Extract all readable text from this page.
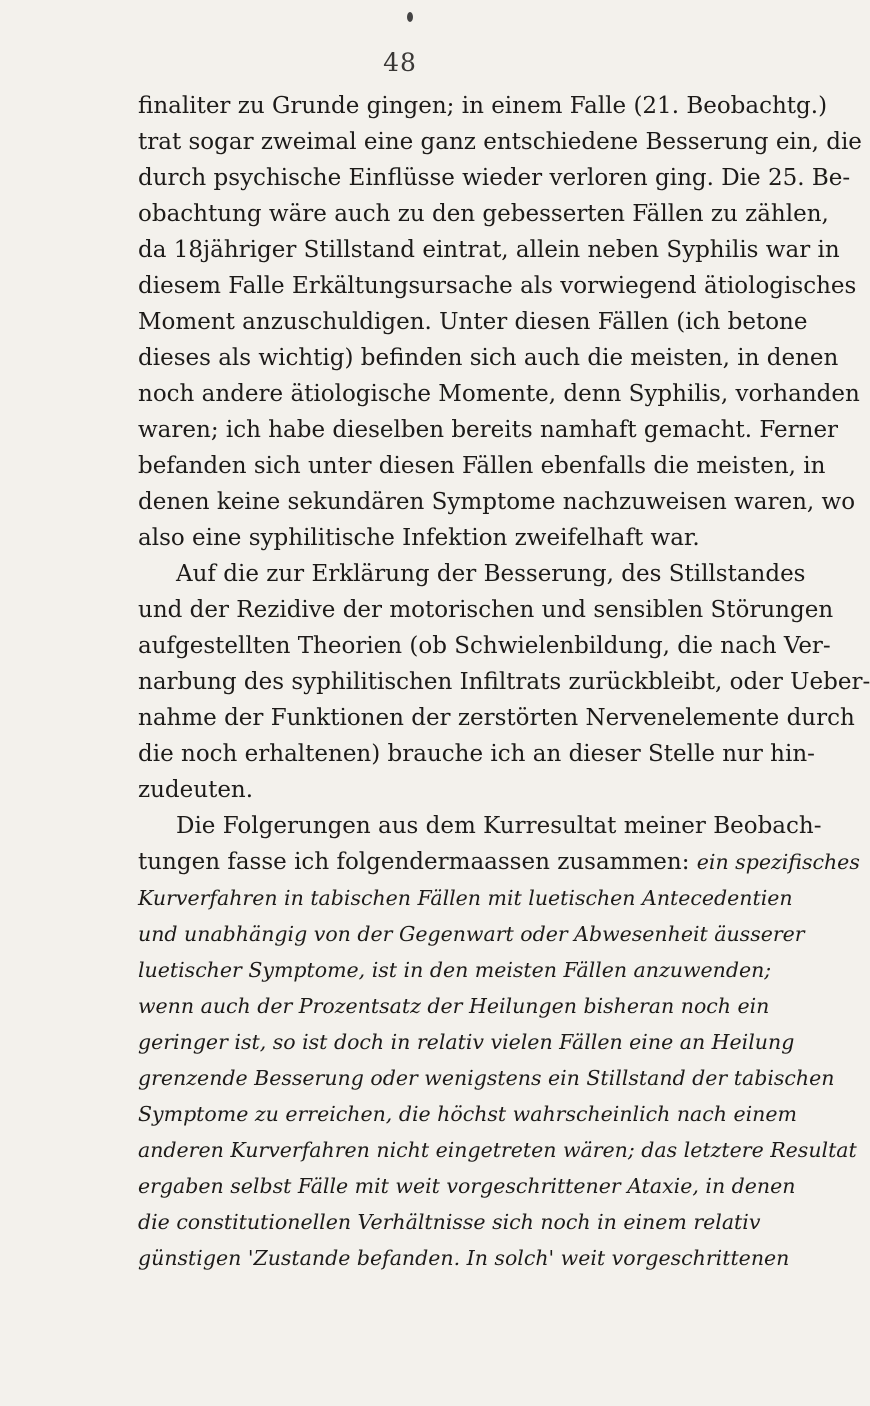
48
finaliter zu Grunde gingen; in einem Falle (21. Beobachtg.)
trat sogar zweimal eine ganz entschiedene Besserung ein, die
durch psychische Einflüsse wieder verloren ging. Die 25. Be-
obachtung wäre auch zu den gebesserten Fällen zu zählen,
da 18jähriger Stillstand eintrat, allein neben Syphilis war in
diesem Falle Erkältungsursache als vorwiegend ätiologisches
Moment anzuschuldigen. Unter diesen Fällen (ich betone
dieses als wichtig) befinden sich auch die meisten, in denen
noch andere ätiologische Momente, denn Syphilis, vorhanden
waren; ich habe dieselben bereits namhaft gemacht. Ferner
befanden sich unter diesen Fällen ebenfalls die meisten, in
denen keine sekundären Symptome nachzuweisen waren, wo
also eine syphilitische Infektion zweifelhaft war.
Auf die zur Erklärung der Besserung, des Stillstandes
und der Rezidive der motorischen und sensiblen Störungen
aufgestellten Theorien (ob Schwielenbildung, die nach Ver-
narbung des syphilitischen Infiltrats zurückbleibt, oder Ueber-
nahme der Funktionen der zerstörten Nervenelemente durch
die noch erhaltenen) brauche ich an dieser Stelle nur hin-
zudeuten.
Die Folgerungen aus dem Kurresultat meiner Beobach-
tungen fasse ich folgendermaassen zusammen: ein spezifisches
Kurverfahren in tabischen Fällen mit luetischen Antecedentien
und unabhängig von der Gegenwart oder Abwesenheit äusserer
luetischer Symptome, ist in den meisten Fällen anzuwenden;
wenn auch der Prozentsatz der Heilungen bisheran noch ein
geringer ist, so ist doch in relativ vielen Fällen eine an Heilung
grenzende Besserung oder wenigstens ein Stillstand der tabischen
Symptome zu erreichen, die höchst wahrscheinlich nach einem
anderen Kurverfahren nicht eingetreten wären; das letztere Resultat
ergaben selbst Fälle mit weit vorgeschrittener Ataxie, in denen
die constitutionellen Verhältnisse sich noch in einem relativ
günstigen 'Zustande befanden. In solch' weit vorgeschrittenen
